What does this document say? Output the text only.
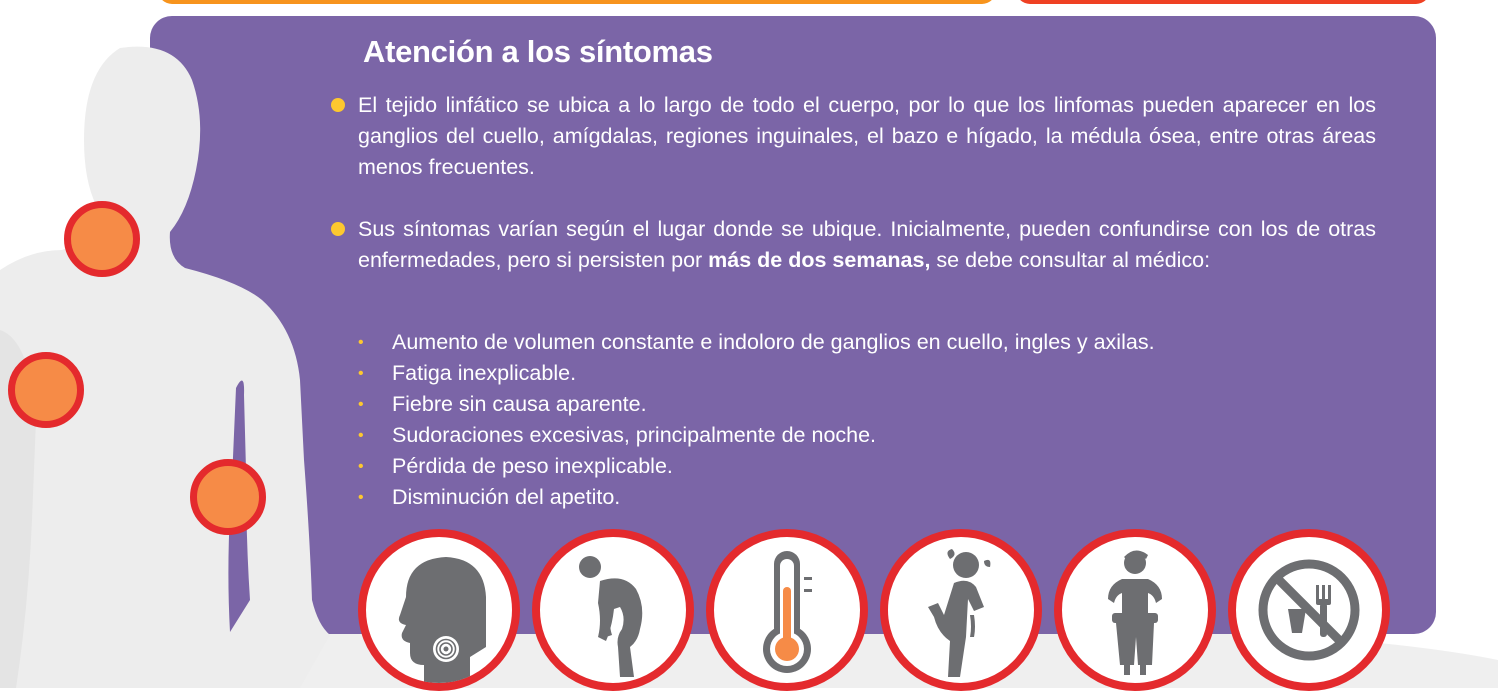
Atención a los síntomas

El tejido linfático se ubica a lo largo de todo el cuerpo, por lo que los linfomas pueden aparecer en los ganglios del cuello, amígdalas, regiones inguinales, el bazo e hígado, la médula ósea, entre otras áreas menos frecuentes.

Sus síntomas varían según el lugar donde se ubique. Inicialmente, pueden confundirse con los de otras enfermedades, pero si persisten por más de dos semanas, se debe consultar al médico:

• Aumento de volumen constante e indoloro de ganglios en cuello, ingles y axilas.
• Fatiga inexplicable.
• Fiebre sin causa aparente.
• Sudoraciones excesivas, principalmente de noche.
• Pérdida de peso inexplicable.
• Disminución del apetito.
